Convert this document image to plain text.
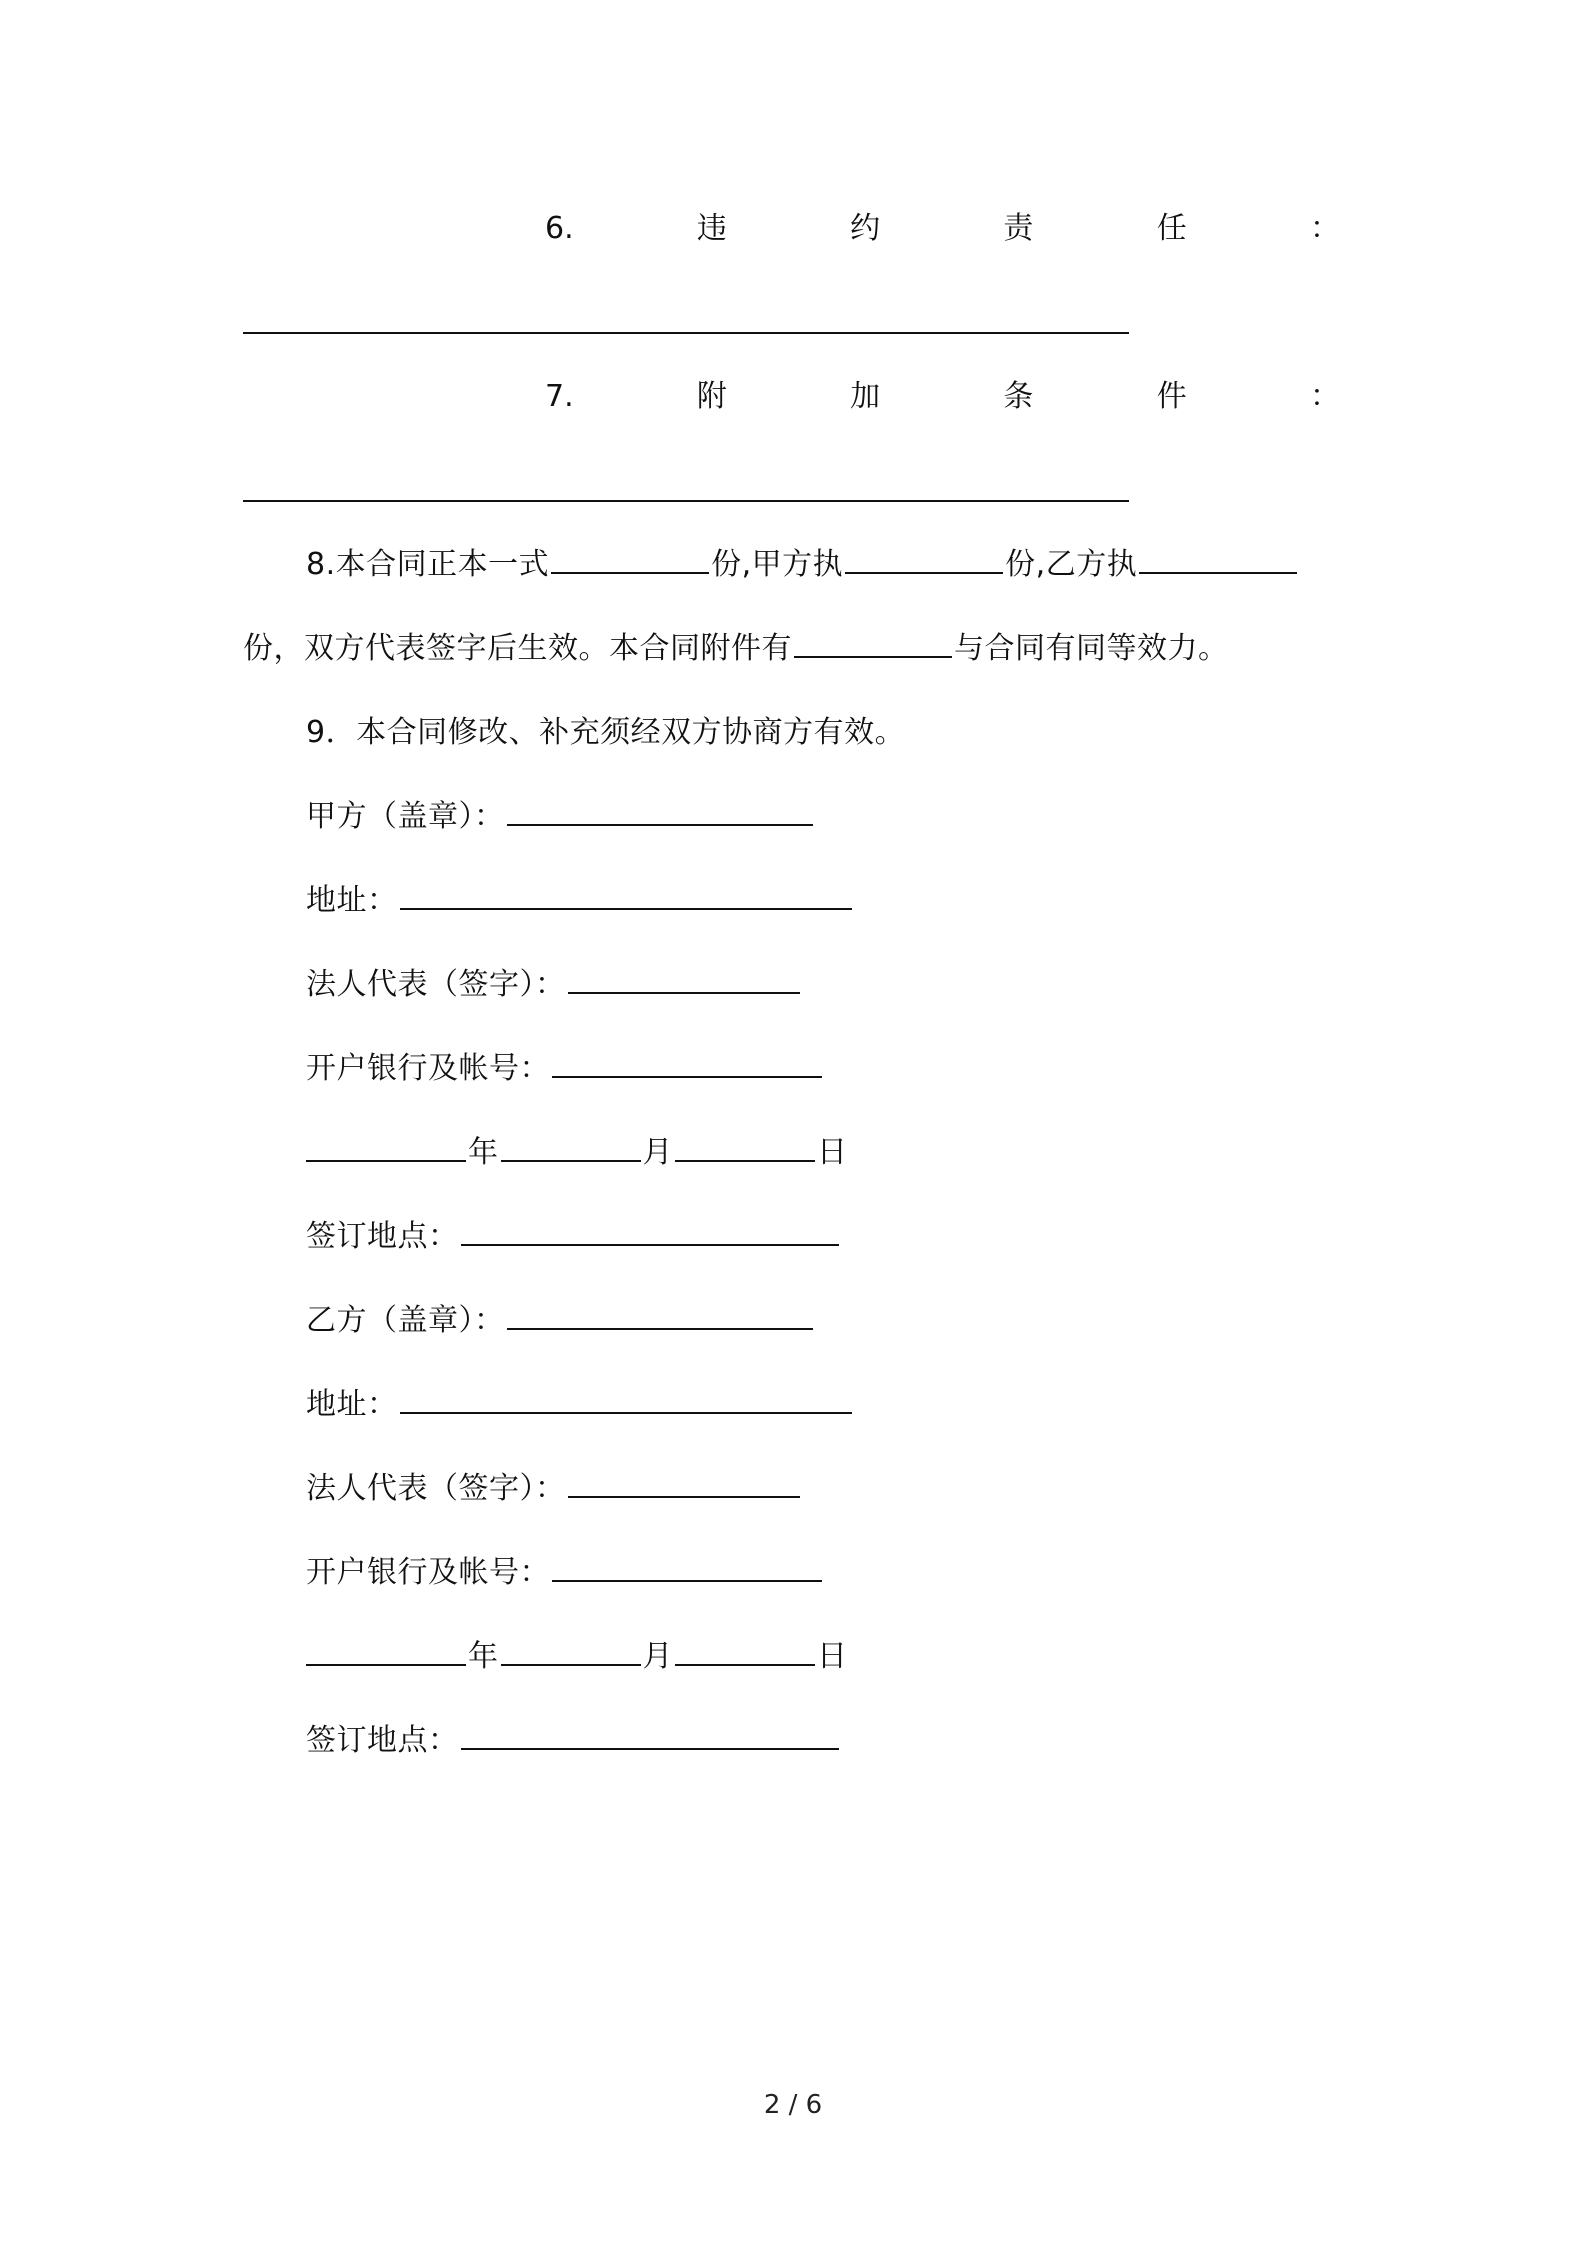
6.	违	约	责	任	：
7.	附	加	条	件	：
8.本合同正本一式	份,甲方执	份,乙方执
份，双方代表签字后生效。本合同附件有	与合同有同等效力。
9．本合同修改、补充须经双方协商方有效。
甲方（盖章）：
地址：
法人代表（签字）：
开户银行及帐号：
年	月	日
签订地点：
乙方（盖章）：
地址：
法人代表（签字）：
开户银行及帐号：
年	月	日
签订地点：
2 / 6
